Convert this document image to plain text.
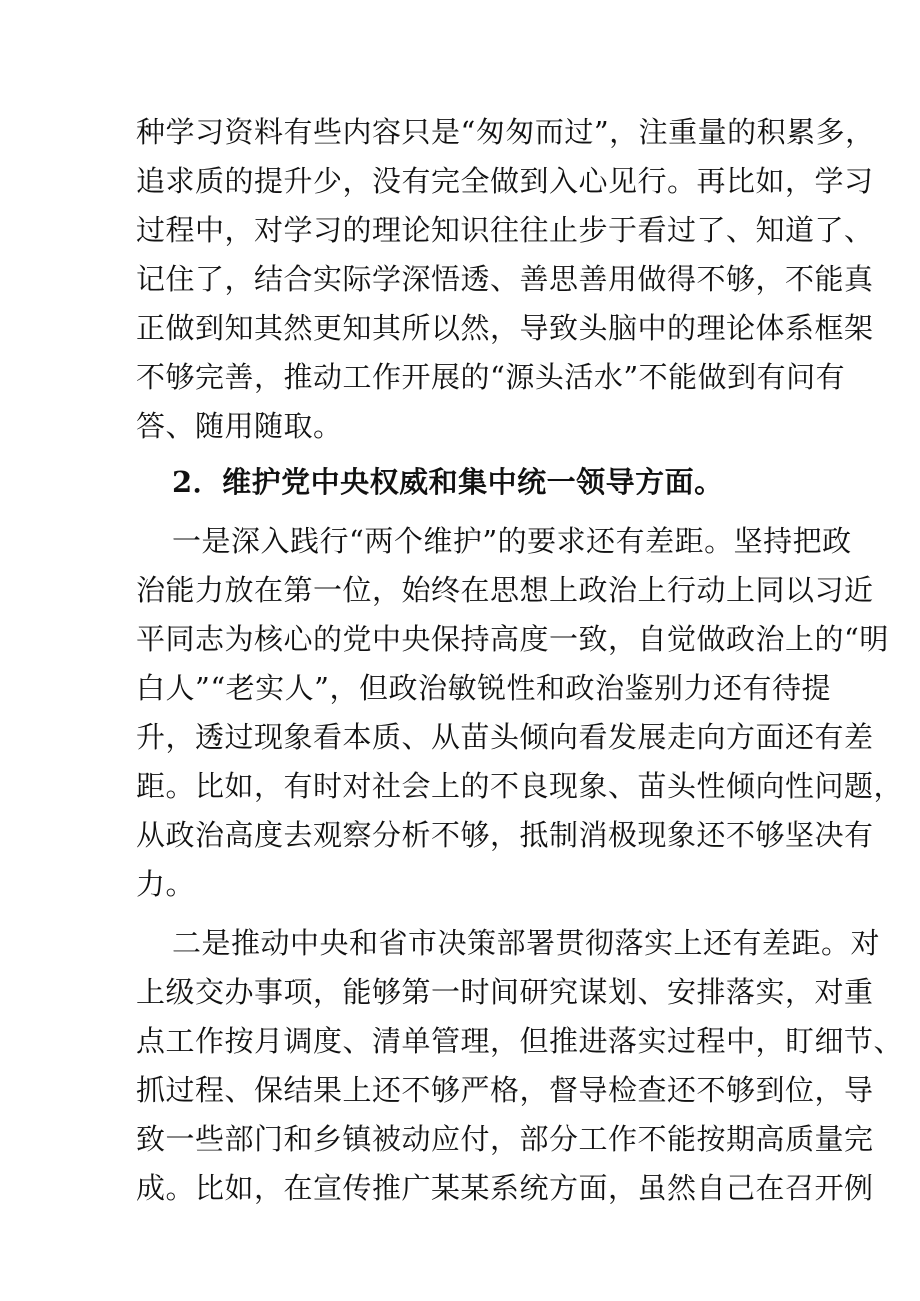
种学习资料有些内容只是“匆匆而过”，注重量的积累多，
追求质的提升少，没有完全做到入心见行。再比如，学习
过程中，对学习的理论知识往往止步于看过了、知道了、
记住了，结合实际学深悟透、善思善用做得不够，不能真
正做到知其然更知其所以然，导致头脑中的理论体系框架
不够完善，推动工作开展的“源头活水”不能做到有问有
答、随用随取。
2．维护党中央权威和集中统一领导方面。
一是深入践行“两个维护”的要求还有差距。坚持把政
治能力放在第一位，始终在思想上政治上行动上同以习近
平同志为核心的党中央保持高度一致，自觉做政治上的“明
白人”“老实人”，但政治敏锐性和政治鉴别力还有待提
升，透过现象看本质、从苗头倾向看发展走向方面还有差
距。比如，有时对社会上的不良现象、苗头性倾向性问题，
从政治高度去观察分析不够，抵制消极现象还不够坚决有
力。
二是推动中央和省市决策部署贯彻落实上还有差距。对
上级交办事项，能够第一时间研究谋划、安排落实，对重
点工作按月调度、清单管理，但推进落实过程中，盯细节、
抓过程、保结果上还不够严格，督导检查还不够到位，导
致一些部门和乡镇被动应付，部分工作不能按期高质量完
成。比如，在宣传推广某某系统方面，虽然自己在召开例
